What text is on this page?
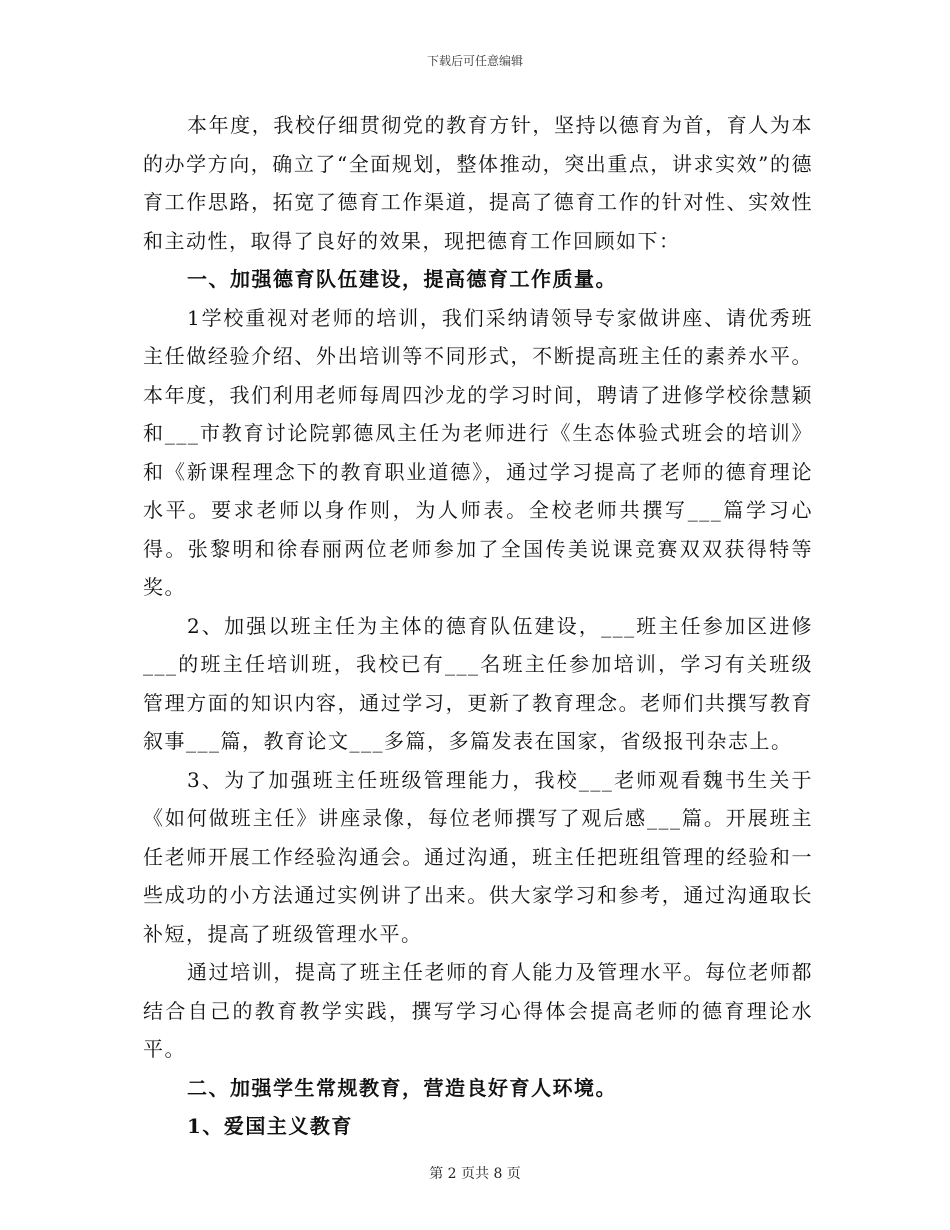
下载后可任意编辑

本年度，我校仔细贯彻党的教育方针，坚持以德育为首，育人为本的办学方向，确立了“全面规划，整体推动，突出重点，讲求实效”的德育工作思路，拓宽了德育工作渠道，提高了德育工作的针对性、实效性和主动性，取得了良好的效果，现把德育工作回顾如下：

一、加强德育队伍建设，提高德育工作质量。

1学校重视对老师的培训，我们采纳请领导专家做讲座、请优秀班主任做经验介绍、外出培训等不同形式，不断提高班主任的素养水平。本年度，我们利用老师每周四沙龙的学习时间，聘请了进修学校徐慧颖和___市教育讨论院郭德凤主任为老师进行《生态体验式班会的培训》和《新课程理念下的教育职业道德》，通过学习提高了老师的德育理论水平。要求老师以身作则，为人师表。全校老师共撰写___篇学习心得。张黎明和徐春丽两位老师参加了全国传美说课竞赛双双获得特等奖。

2、加强以班主任为主体的德育队伍建设，___班主任参加区进修___的班主任培训班，我校已有___名班主任参加培训，学习有关班级管理方面的知识内容，通过学习，更新了教育理念。老师们共撰写教育叙事___篇，教育论文___多篇，多篇发表在国家，省级报刊杂志上。

3、为了加强班主任班级管理能力，我校___老师观看魏书生关于《如何做班主任》讲座录像，每位老师撰写了观后感___篇。开展班主任老师开展工作经验沟通会。通过沟通，班主任把班组管理的经验和一些成功的小方法通过实例讲了出来。供大家学习和参考，通过沟通取长补短，提高了班级管理水平。

通过培训，提高了班主任老师的育人能力及管理水平。每位老师都结合自己的教育教学实践，撰写学习心得体会提高老师的德育理论水平。

二、加强学生常规教育，营造良好育人环境。

1、爱国主义教育

第 2 页共 8 页
